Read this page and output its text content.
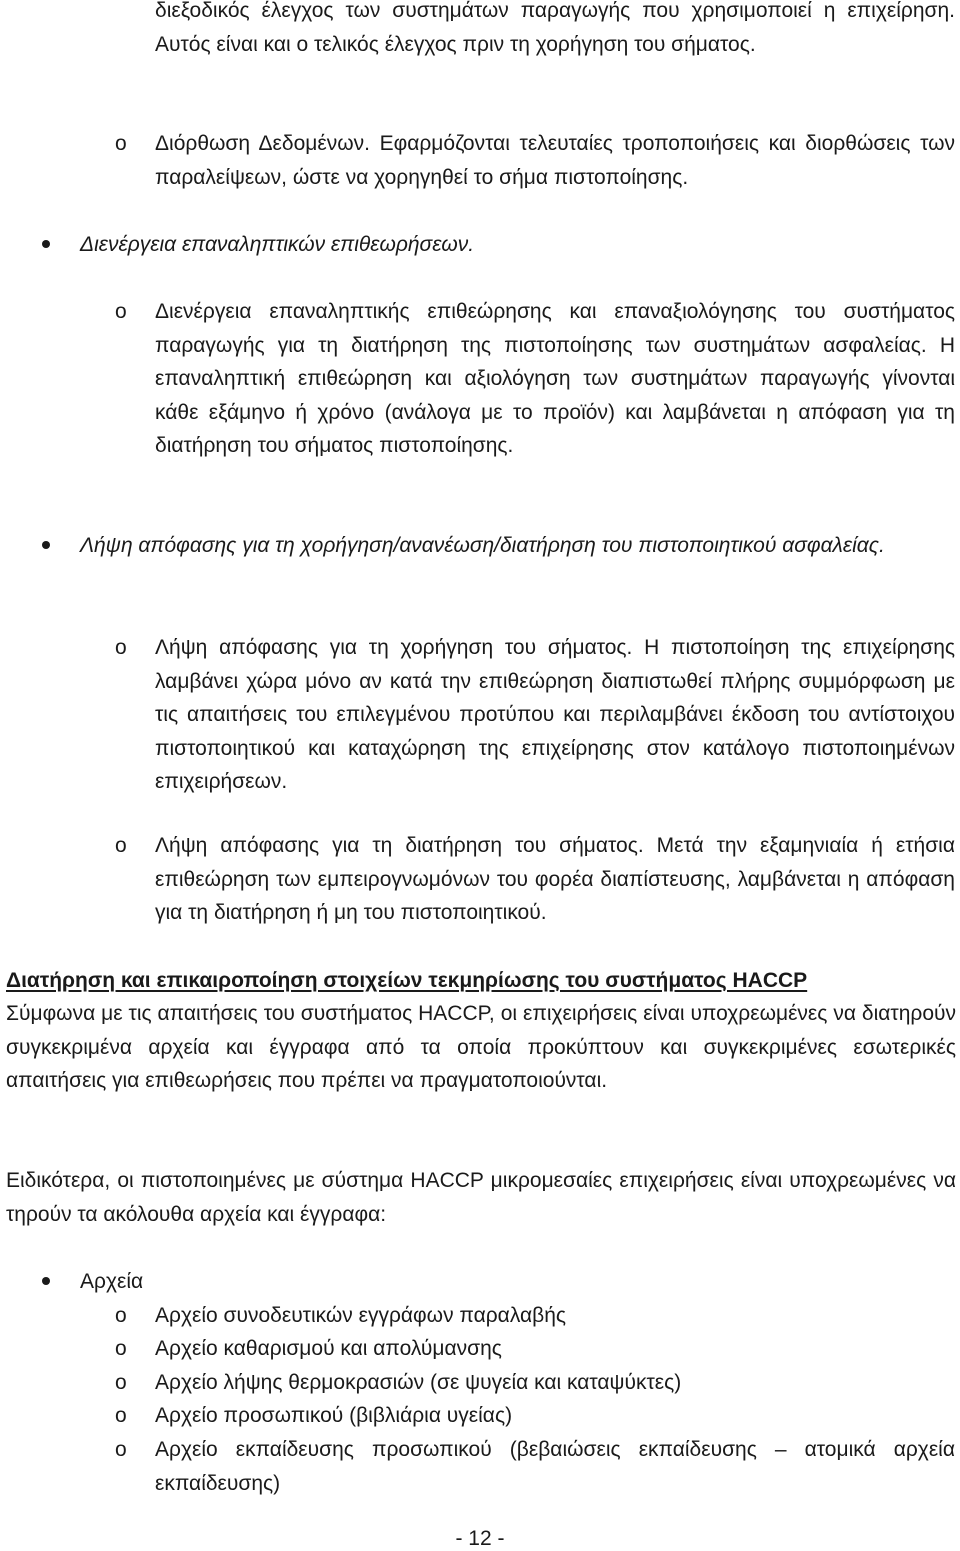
διεξοδικός έλεγχος των συστημάτων παραγωγής που χρησιμοποιεί η επιχείρηση. Αυτός είναι και ο τελικός έλεγχος πριν τη χορήγηση του σήματος.
o Διόρθωση Δεδομένων. Εφαρμόζονται τελευταίες τροποποιήσεις και διορθώσεις των παραλείψεων, ώστε να χορηγηθεί το σήμα πιστοποίησης.
Διενέργεια επαναληπτικών επιθεωρήσεων.
o Διενέργεια επαναληπτικής επιθεώρησης και επαναξιολόγησης του συστήματος παραγωγής για τη διατήρηση της πιστοποίησης των συστημάτων ασφαλείας. Η επαναληπτική επιθεώρηση και αξιολόγηση των συστημάτων παραγωγής γίνονται κάθε εξάμηνο ή χρόνο (ανάλογα με το προϊόν) και λαμβάνεται η απόφαση για τη διατήρηση του σήματος πιστοποίησης.
Λήψη απόφασης για τη χορήγηση/ανανέωση/διατήρηση του πιστοποιητικού ασφαλείας.
o Λήψη απόφασης για τη χορήγηση του σήματος. Η πιστοποίηση της επιχείρησης λαμβάνει χώρα μόνο αν κατά την επιθεώρηση διαπιστωθεί πλήρης συμμόρφωση με τις απαιτήσεις του επιλεγμένου προτύπου και περιλαμβάνει έκδοση του αντίστοιχου πιστοποιητικού και καταχώρηση της επιχείρησης στον κατάλογο πιστοποιημένων επιχειρήσεων.
o Λήψη απόφασης για τη διατήρηση του σήματος. Μετά την εξαμηνιαία ή ετήσια επιθεώρηση των εμπειρογνωμόνων του φορέα διαπίστευσης, λαμβάνεται η απόφαση για τη διατήρηση ή μη του πιστοποιητικού.
Διατήρηση και επικαιροποίηση στοιχείων τεκμηρίωσης του συστήματος HACCP
Σύμφωνα με τις απαιτήσεις του συστήματος HACCP, οι επιχειρήσεις είναι υποχρεωμένες να διατηρούν συγκεκριμένα αρχεία και έγγραφα από τα οποία προκύπτουν και συγκεκριμένες εσωτερικές απαιτήσεις για επιθεωρήσεις που πρέπει να πραγματοποιούνται.
Ειδικότερα, οι πιστοποιημένες με σύστημα HACCP μικρομεσαίες επιχειρήσεις είναι υποχρεωμένες να τηρούν τα ακόλουθα αρχεία και έγγραφα:
Αρχεία
o Αρχείο συνοδευτικών εγγράφων παραλαβής
o Αρχείο καθαρισμού και απολύμανσης
o Αρχείο λήψης θερμοκρασιών (σε ψυγεία και καταψύκτες)
o Αρχείο προσωπικού (βιβλιάρια υγείας)
o Αρχείο εκπαίδευσης προσωπικού (βεβαιώσεις εκπαίδευσης – ατομικά αρχεία εκπαίδευσης)
- 12 -
